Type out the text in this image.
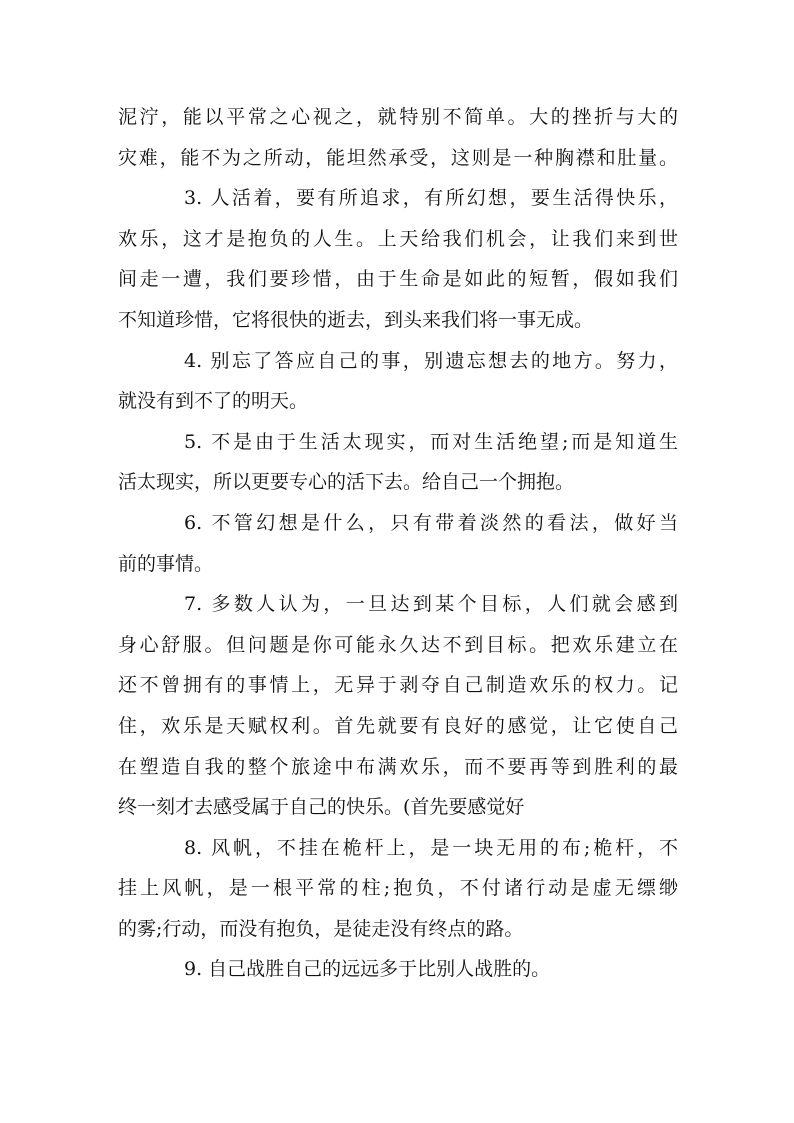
泥泞，能以平常之心视之，就特别不简单。大的挫折与大的
灾难，能不为之所动，能坦然承受，这则是一种胸襟和肚量。
3. 人活着，要有所追求，有所幻想，要生活得快乐，
欢乐，这才是抱负的人生。上天给我们机会，让我们来到世
间走一遭，我们要珍惜，由于生命是如此的短暂，假如我们
不知道珍惜，它将很快的逝去，到头来我们将一事无成。
4. 别忘了答应自己的事，别遗忘想去的地方。努力，
就没有到不了的明天。
5. 不是由于生活太现实，而对生活绝望;而是知道生
活太现实，所以更要专心的活下去。给自己一个拥抱。
6. 不管幻想是什么，只有带着淡然的看法，做好当
前的事情。
7. 多数人认为，一旦达到某个目标，人们就会感到
身心舒服。但问题是你可能永久达不到目标。把欢乐建立在
还不曾拥有的事情上，无异于剥夺自己制造欢乐的权力。记
住，欢乐是天赋权利。首先就要有良好的感觉，让它使自己
在塑造自我的整个旅途中布满欢乐，而不要再等到胜利的最
终一刻才去感受属于自己的快乐。(首先要感觉好
8. 风帆，不挂在桅杆上，是一块无用的布;桅杆，不
挂上风帆，是一根平常的柱;抱负，不付诸行动是虚无缥缈
的雾;行动，而没有抱负，是徒走没有终点的路。
9. 自己战胜自己的远远多于比别人战胜的。
